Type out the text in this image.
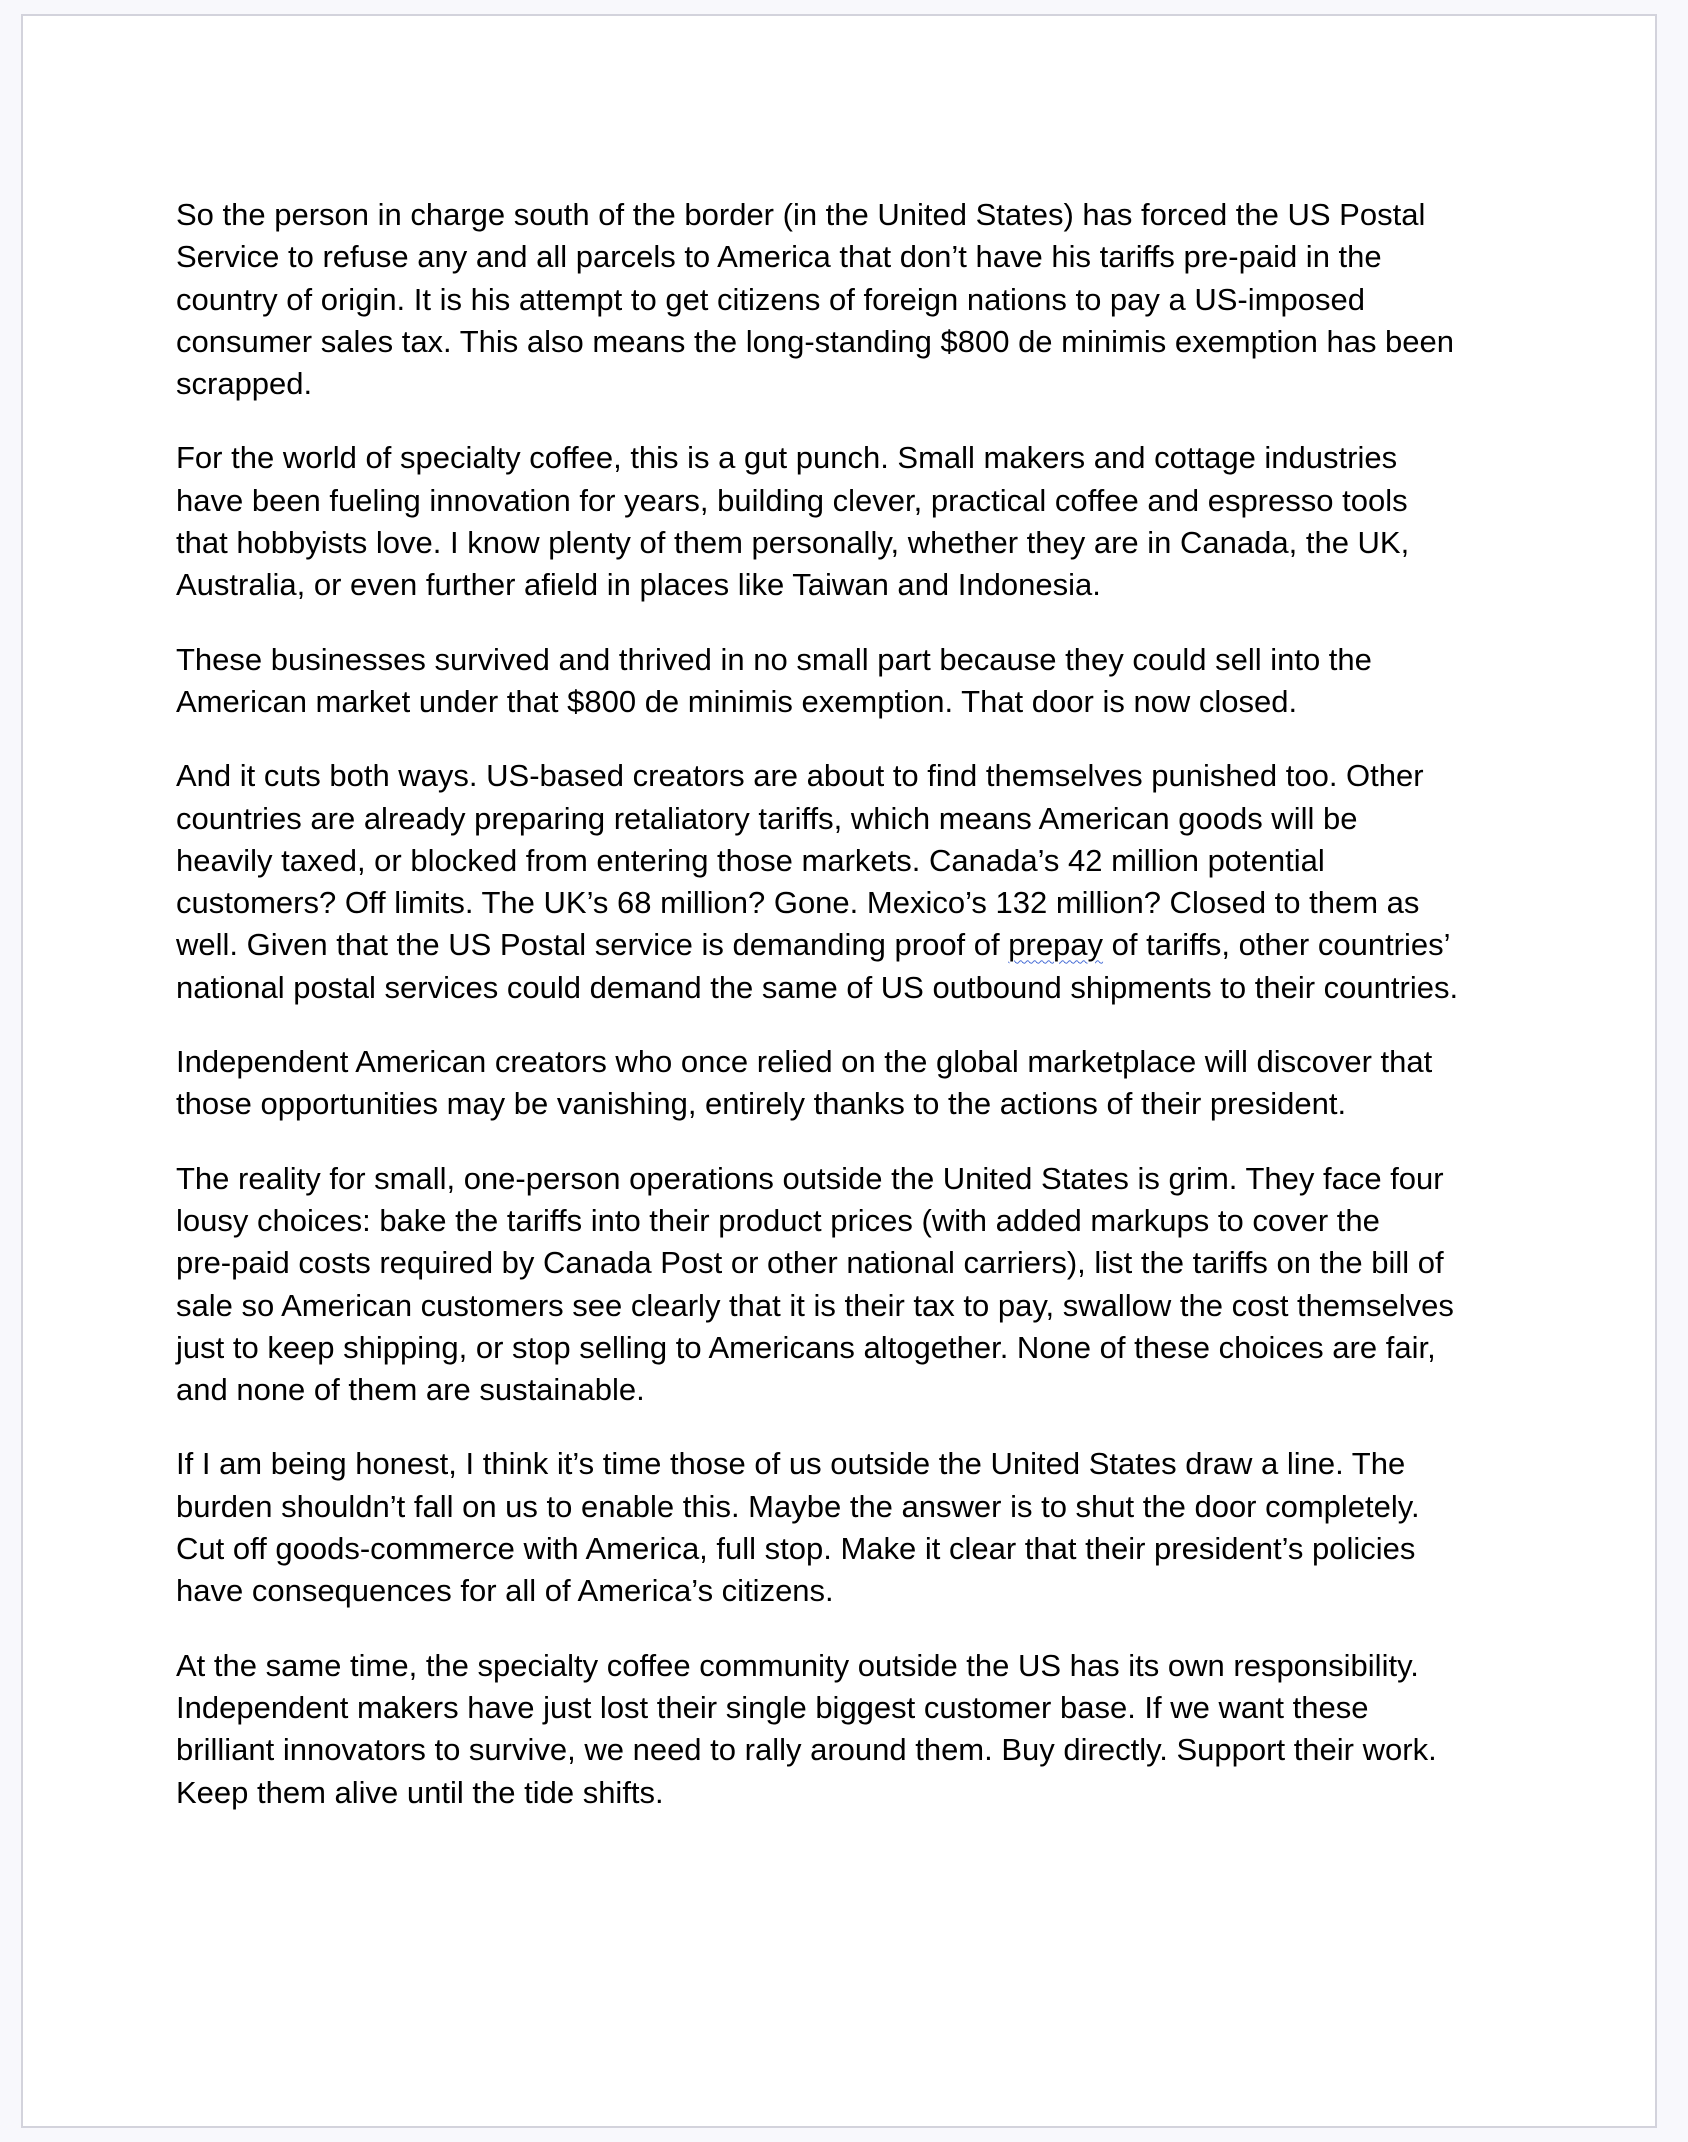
So the person in charge south of the border (in the United States) has forced the US Postal
Service to refuse any and all parcels to America that don’t have his tariffs pre-paid in the
country of origin. It is his attempt to get citizens of foreign nations to pay a US-imposed
consumer sales tax. This also means the long-standing $800 de minimis exemption has been
scrapped.

For the world of specialty coffee, this is a gut punch. Small makers and cottage industries
have been fueling innovation for years, building clever, practical coffee and espresso tools
that hobbyists love. I know plenty of them personally, whether they are in Canada, the UK,
Australia, or even further afield in places like Taiwan and Indonesia.

These businesses survived and thrived in no small part because they could sell into the
American market under that $800 de minimis exemption. That door is now closed.

And it cuts both ways. US-based creators are about to find themselves punished too. Other
countries are already preparing retaliatory tariffs, which means American goods will be
heavily taxed, or blocked from entering those markets. Canada’s 42 million potential
customers? Off limits. The UK’s 68 million? Gone. Mexico’s 132 million? Closed to them as
well. Given that the US Postal service is demanding proof of prepay of tariffs, other countries’
national postal services could demand the same of US outbound shipments to their countries.

Independent American creators who once relied on the global marketplace will discover that
those opportunities may be vanishing, entirely thanks to the actions of their president.

The reality for small, one-person operations outside the United States is grim. They face four
lousy choices: bake the tariffs into their product prices (with added markups to cover the
pre-paid costs required by Canada Post or other national carriers), list the tariffs on the bill of
sale so American customers see clearly that it is their tax to pay, swallow the cost themselves
just to keep shipping, or stop selling to Americans altogether. None of these choices are fair,
and none of them are sustainable.

If I am being honest, I think it’s time those of us outside the United States draw a line. The
burden shouldn’t fall on us to enable this. Maybe the answer is to shut the door completely.
Cut off goods-commerce with America, full stop. Make it clear that their president’s policies
have consequences for all of America’s citizens.

At the same time, the specialty coffee community outside the US has its own responsibility.
Independent makers have just lost their single biggest customer base. If we want these
brilliant innovators to survive, we need to rally around them. Buy directly. Support their work.
Keep them alive until the tide shifts.
